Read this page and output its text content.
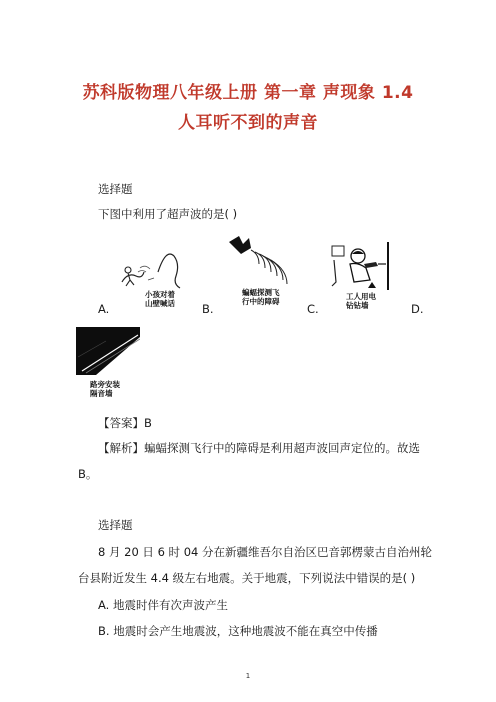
苏科版物理八年级上册 第一章 声现象 1.4
人耳听不到的声音
选择题
下图中利用了超声波的是( )
小孩对着
山壁喊话
蝙蝠探测飞
行中的障碍
工人用电
钻钻墙
A.	B.	C.	D.
路旁安装
隔音墙
【答案】B
【解析】蝙蝠探测飞行中的障碍是利用超声波回声定位的。故选
B。
选择题
8 月 20 日 6 时 04 分在新疆维吾尔自治区巴音郭楞蒙古自治州轮
台县附近发生 4.4 级左右地震。关于地震，下列说法中错误的是( )
A. 地震时伴有次声波产生
B. 地震时会产生地震波，这种地震波不能在真空中传播
1
